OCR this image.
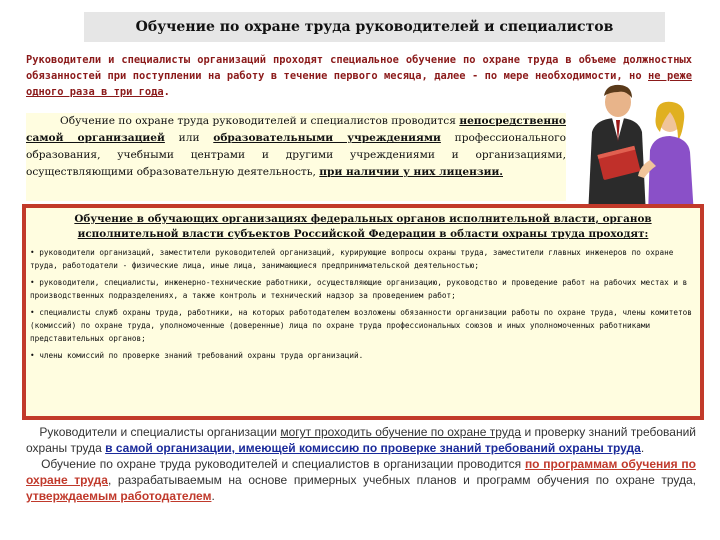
Обучение по охране труда руководителей и специалистов
Руководители и специалисты организаций проходят специальное обучение по охране труда в объеме должностных обязанностей при поступлении на работу в течение первого месяца, далее - по мере необходимости, но не реже одного раза в три года.
Обучение по охране труда руководителей и специалистов проводится непосредственно самой организацией или образовательными учреждениями профессионального образования, учебными центрами и другими учреждениями и организациями, осуществляющими образовательную деятельность, при наличии у них лицензии.
Обучение в обучающих организациях федеральных органов исполнительной власти, органов исполнительной власти субъектов Российской Федерации в области охраны труда проходят:
• руководители организаций, заместители руководителей организаций, курирующие вопросы охраны труда, заместители главных инженеров по охране труда, работодатели - физические лица, иные лица, занимающиеся предпринимательской деятельностью;
• руководители, специалисты, инженерно-технические работники, осуществляющие организацию, руководство и проведение работ на рабочих местах и в производственных подразделениях, а также контроль и технический надзор за проведением работ;
• специалисты служб охраны труда, работники, на которых работодателем возложены обязанности организации работы по охране труда, члены комитетов (комиссий) по охране труда, уполномоченные (доверенные) лица по охране труда профессиональных союзов и иных уполномоченных работниками представительных органов;
• члены комиссий по проверке знаний требований охраны труда организаций.
Руководители и специалисты организации могут проходить обучение по охране труда и проверку знаний требований охраны труда в самой организации, имеющей комиссию по проверке знаний требований охраны труда.
Обучение по охране труда руководителей и специалистов в организации проводится по программам обучения по охране труда, разрабатываемым на основе примерных учебных планов и программ обучения по охране труда, утверждаемым работодателем.
